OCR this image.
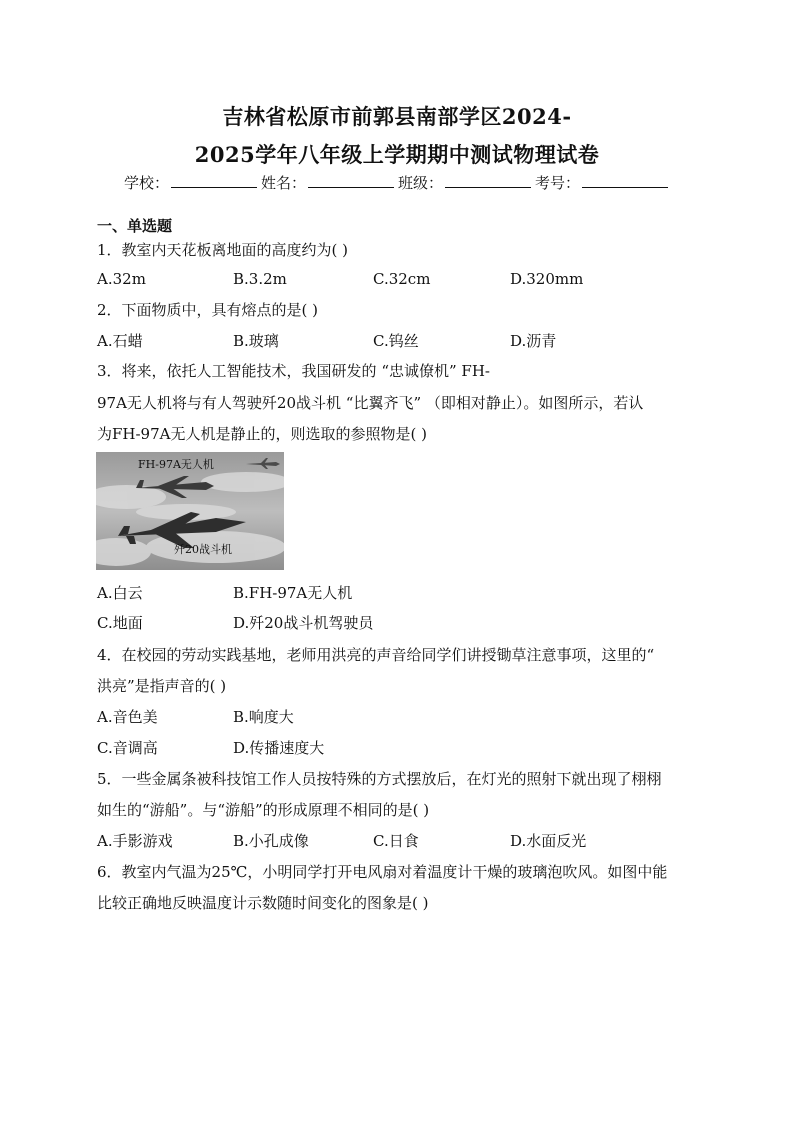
吉林省松原市前郭县南部学区2024-
2025学年八年级上学期期中测试物理试卷
学校：	姓名：	班级：	考号：
一、单选题
1．教室内天花板离地面的高度约为( )
A.32m	B.3.2m	C.32cm	D.320mm
2．下面物质中，具有熔点的是( )
A.石蜡	B.玻璃	C.钨丝	D.沥青
3．将来，依托人工智能技术，我国研发的 “忠诚僚机” FH-
97A无人机将与有人驾驶歼20战斗机 “比翼齐飞” （即相对静止）。如图所示，若认
为FH-97A无人机是静止的，则选取的参照物是( )
FH-97A无人机
歼20战斗机
A.白云	B.FH-97A无人机
C.地面	D.歼20战斗机驾驶员
4．在校园的劳动实践基地，老师用洪亮的声音给同学们讲授锄草注意事项，这里的“
洪亮”是指声音的( )
A.音色美	B.响度大
C.音调高	D.传播速度大
5．一些金属条被科技馆工作人员按特殊的方式摆放后，在灯光的照射下就出现了栩栩
如生的“游船”。与“游船”的形成原理不相同的是( )
A.手影游戏	B.小孔成像	C.日食	D.水面反光
6．教室内气温为25℃，小明同学打开电风扇对着温度计干燥的玻璃泡吹风。如图中能
比较正确地反映温度计示数随时间变化的图象是( )
